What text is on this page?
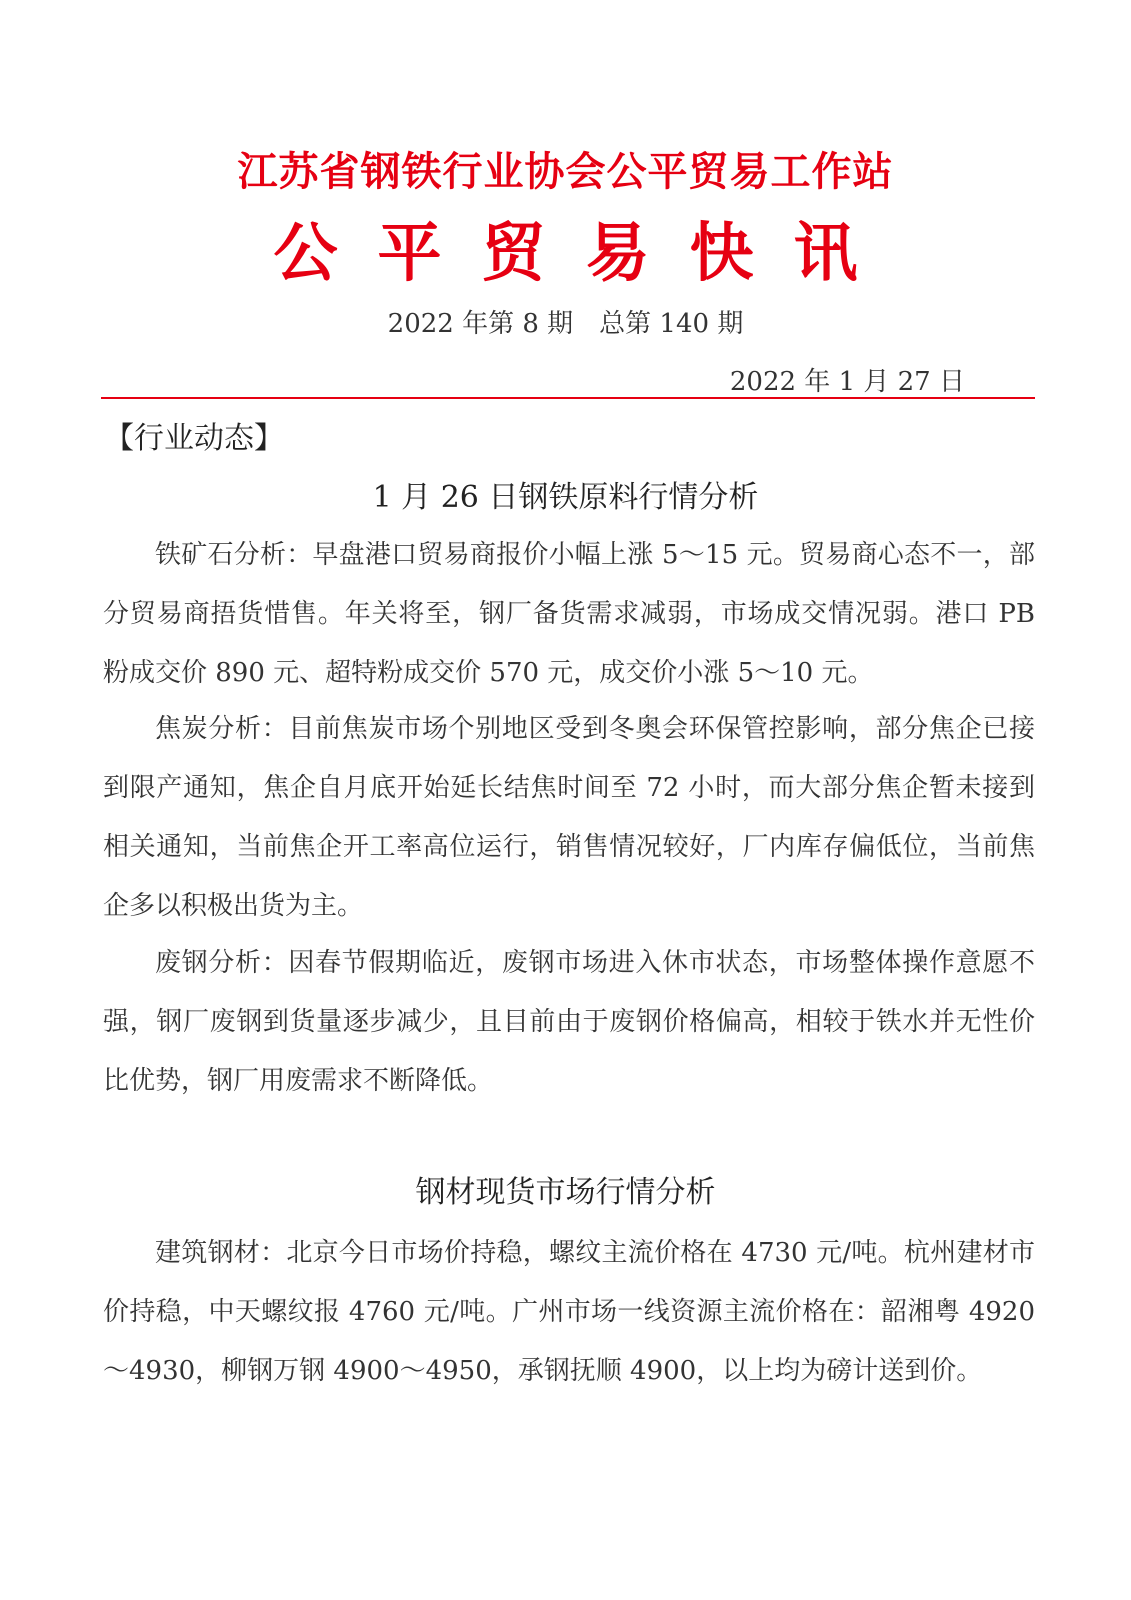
江苏省钢铁行业协会公平贸易工作站
公平贸易快讯
2022 年第 8 期　总第 140 期
2022 年 1 月 27 日
【行业动态】
1 月 26 日钢铁原料行情分析

铁矿石分析：早盘港口贸易商报价小幅上涨 5～15 元。贸易商心态不一，部分贸易商捂货惜售。年关将至，钢厂备货需求减弱，市场成交情况弱。港口 PB 粉成交价 890 元、超特粉成交价 570 元，成交价小涨 5～10 元。

焦炭分析：目前焦炭市场个别地区受到冬奥会环保管控影响，部分焦企已接到限产通知，焦企自月底开始延长结焦时间至 72 小时，而大部分焦企暂未接到相关通知，当前焦企开工率高位运行，销售情况较好，厂内库存偏低位，当前焦企多以积极出货为主。

废钢分析：因春节假期临近，废钢市场进入休市状态，市场整体操作意愿不强，钢厂废钢到货量逐步减少，且目前由于废钢价格偏高，相较于铁水并无性价比优势，钢厂用废需求不断降低。

钢材现货市场行情分析

建筑钢材：北京今日市场价持稳，螺纹主流价格在 4730 元/吨。杭州建材市价持稳，中天螺纹报 4760 元/吨。广州市场一线资源主流价格在：韶湘粤 4920～4930，柳钢万钢 4900～4950，承钢抚顺 4900，以上均为磅计送到价。
